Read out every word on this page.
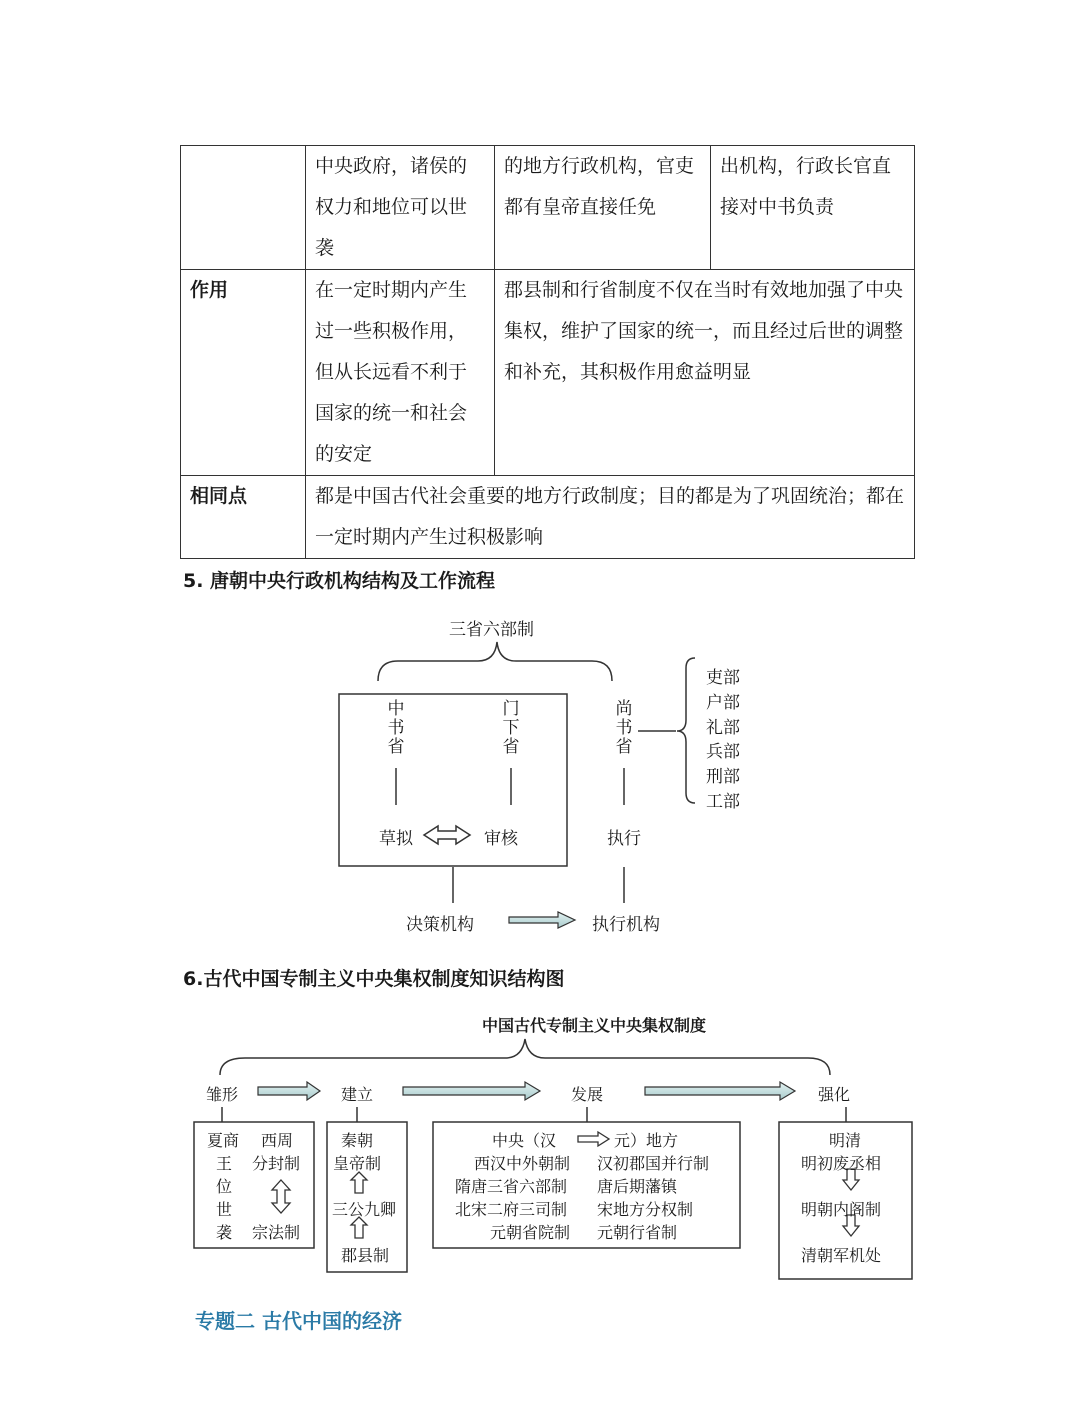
	中央政府，诸侯的权力和地位可以世袭	的地方行政机构，官吏都有皇帝直接任免	出机构，行政长官直接对中书负责
作用	在一定时期内产生过一些积极作用，但从长远看不利于国家的统一和社会的安定	郡县制和行省制度不仅在当时有效地加强了中央集权，维护了国家的统一，而且经过后世的调整和补充，其积极作用愈益明显	
相同点	都是中国古代社会重要的地方行政制度；目的都是为了巩固统治；都在一定时期内产生过积极影响		
5. 唐朝中央行政机构结构及工作流程
三省六部制
中书省
门下省
尚书省
草拟	审核	执行
决策机构	执行机构
吏部
户部
礼部
兵部
刑部
工部
6.古代中国专制主义中央集权制度知识结构图
中国古代专制主义中央集权制度
雏形	建立	发展	强化
夏商
王
位
世
袭
西周
分封制
宗法制
秦朝
皇帝制
三公九卿
郡县制
中央（汉	元）地方
西汉中外朝制
隋唐三省六部制
北宋二府三司制
元朝省院制
汉初郡国并行制
唐后期藩镇
宋地方分权制
元朝行省制
明清
明初废丞相
明朝内阁制
清朝军机处
专题二 古代中国的经济
